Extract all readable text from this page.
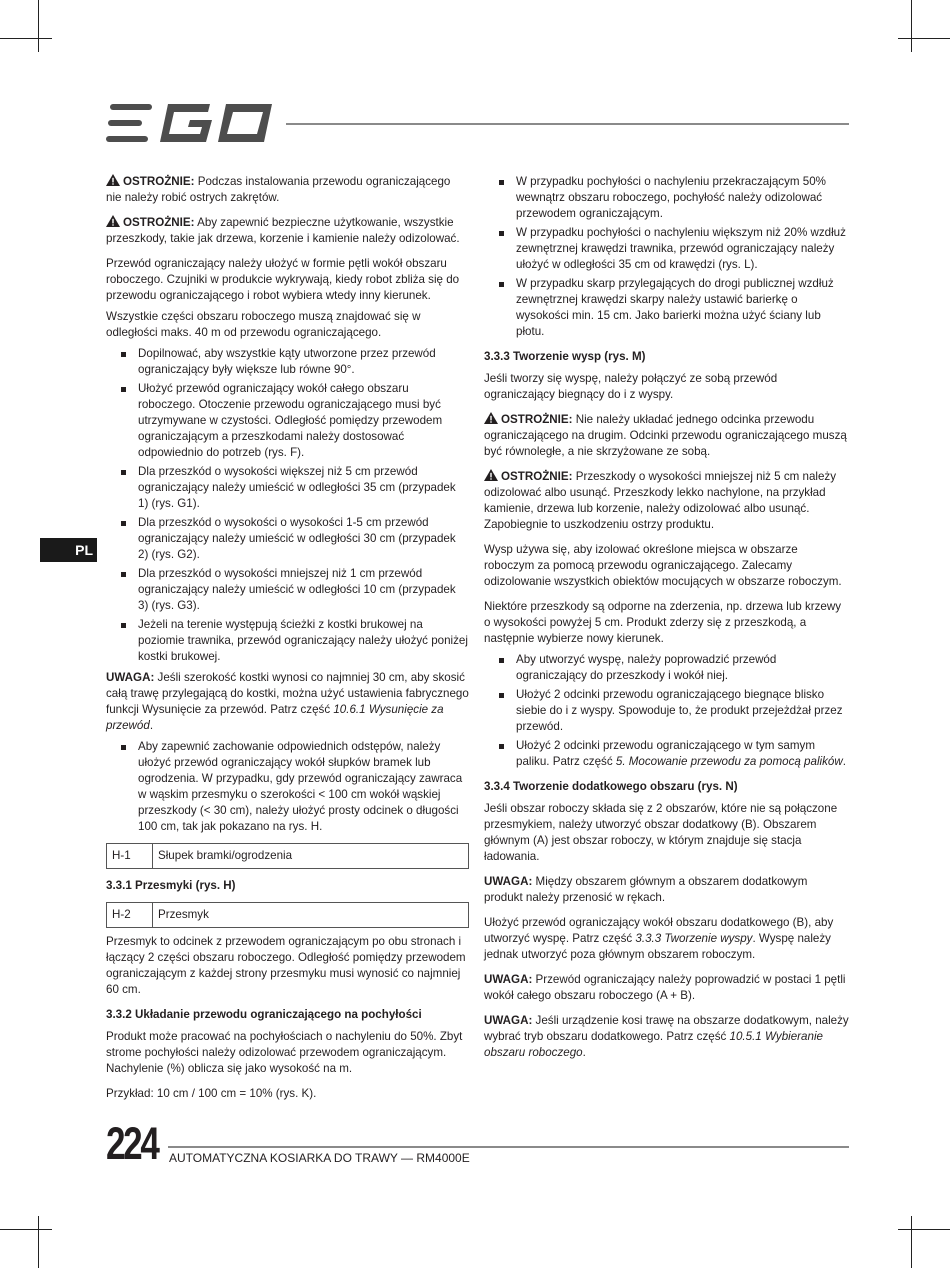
PL

OSTROŻNIE: Podczas instalowania przewodu ograniczającego nie należy robić ostrych zakrętów.

OSTROŻNIE: Aby zapewnić bezpieczne użytkowanie, wszystkie przeszkody, takie jak drzewa, korzenie i kamienie należy odizolować.

Przewód ograniczający należy ułożyć w formie pętli wokół obszaru roboczego. Czujniki w produkcie wykrywają, kiedy robot zbliża się do przewodu ograniczającego i robot wybiera wtedy inny kierunek.

Wszystkie części obszaru roboczego muszą znajdować się w odległości maks. 40 m od przewodu ograniczającego.

Dopilnować, aby wszystkie kąty utworzone przez przewód ograniczający były większe lub równe 90°.
Ułożyć przewód ograniczający wokół całego obszaru roboczego. Otoczenie przewodu ograniczającego musi być utrzymywane w czystości. Odległość pomiędzy przewodem ograniczającym a przeszkodami należy dostosować odpowiednio do potrzeb (rys. F).
Dla przeszkód o wysokości większej niż 5 cm przewód ograniczający należy umieścić w odległości 35 cm (przypadek 1) (rys. G1).
Dla przeszkód o wysokości o wysokości 1-5 cm przewód ograniczający należy umieścić w odległości 30 cm (przypadek 2) (rys. G2).
Dla przeszkód o wysokości mniejszej niż 1 cm przewód ograniczający należy umieścić w odległości 10 cm (przypadek 3) (rys. G3).
Jeżeli na terenie występują ścieżki z kostki brukowej na poziomie trawnika, przewód ograniczający należy ułożyć poniżej kostki brukowej.

UWAGA: Jeśli szerokość kostki wynosi co najmniej 30 cm, aby skosić całą trawę przylegającą do kostki, można użyć ustawienia fabrycznego funkcji Wysunięcie za przewód. Patrz część 10.6.1 Wysunięcie za przewód.

Aby zapewnić zachowanie odpowiednich odstępów, należy ułożyć przewód ograniczający wokół słupków bramek lub ogrodzenia. W przypadku, gdy przewód ograniczający zawraca w wąskim przesmyku o szerokości < 100 cm wokół wąskiej przeszkody (< 30 cm), należy ułożyć prosty odcinek o długości 100 cm, tak jak pokazano na rys. H.
H-1	Słupek bramki/ogrodzenia
3.3.1 Przesmyki (rys. H)
H-2	Przesmyk

Przesmyk to odcinek z przewodem ograniczającym po obu stronach i łączący 2 części obszaru roboczego. Odległość pomiędzy przewodem ograniczającym z każdej strony przesmyku musi wynosić co najmniej 60 cm.

3.3.2 Układanie przewodu ograniczającego na pochyłości

Produkt może pracować na pochyłościach o nachyleniu do 50%. Zbyt strome pochyłości należy odizolować przewodem ograniczającym. Nachylenie (%) oblicza się jako wysokość na m.

Przykład: 10 cm / 100 cm = 10% (rys. K).

W przypadku pochyłości o nachyleniu przekraczającym 50% wewnątrz obszaru roboczego, pochyłość należy odizolować przewodem ograniczającym.
W przypadku pochyłości o nachyleniu większym niż 20% wzdłuż zewnętrznej krawędzi trawnika, przewód ograniczający należy ułożyć w odległości 35 cm od krawędzi (rys. L).
W przypadku skarp przylegających do drogi publicznej wzdłuż zewnętrznej krawędzi skarpy należy ustawić barierkę o wysokości min. 15 cm. Jako barierki można użyć ściany lub płotu.
3.3.3 Tworzenie wysp (rys. M)

Jeśli tworzy się wyspę, należy połączyć ze sobą przewód ograniczający biegnący do i z wyspy.

OSTROŻNIE: Nie należy układać jednego odcinka przewodu ograniczającego na drugim. Odcinki przewodu ograniczającego muszą być równoległe, a nie skrzyżowane ze sobą.

OSTROŻNIE: Przeszkody o wysokości mniejszej niż 5 cm należy odizolować albo usunąć. Przeszkody lekko nachylone, na przykład kamienie, drzewa lub korzenie, należy odizolować albo usunąć. Zapobiegnie to uszkodzeniu ostrzy produktu.

Wysp używa się, aby izolować określone miejsca w obszarze roboczym za pomocą przewodu ograniczającego. Zalecamy odizolowanie wszystkich obiektów mocujących w obszarze roboczym.

Niektóre przeszkody są odporne na zderzenia, np. drzewa lub krzewy o wysokości powyżej 5 cm. Produkt zderzy się z przeszkodą, a następnie wybierze nowy kierunek.

Aby utworzyć wyspę, należy poprowadzić przewód ograniczający do przeszkody i wokół niej.
Ułożyć 2 odcinki przewodu ograniczającego biegnące blisko siebie do i z wyspy. Spowoduje to, że produkt przejeżdżał przez przewód.
Ułożyć 2 odcinki przewodu ograniczającego w tym samym paliku. Patrz część 5. Mocowanie przewodu za pomocą palików.
3.3.4 Tworzenie dodatkowego obszaru (rys. N)

Jeśli obszar roboczy składa się z 2 obszarów, które nie są połączone przesmykiem, należy utworzyć obszar dodatkowy (B). Obszarem głównym (A) jest obszar roboczy, w którym znajduje się stacja ładowania.

UWAGA: Między obszarem głównym a obszarem dodatkowym produkt należy przenosić w rękach.

Ułożyć przewód ograniczający wokół obszaru dodatkowego (B), aby utworzyć wyspę. Patrz część 3.3.3 Tworzenie wyspy. Wyspę należy jednak utworzyć poza głównym obszarem roboczym.

UWAGA: Przewód ograniczający należy poprowadzić w postaci 1 pętli wokół całego obszaru roboczego (A + B).

UWAGA: Jeśli urządzenie kosi trawę na obszarze dodatkowym, należy wybrać tryb obszaru dodatkowego. Patrz część 10.5.1 Wybieranie obszaru roboczego.

224 AUTOMATYCZNA KOSIARKA DO TRAWY — RM4000E
